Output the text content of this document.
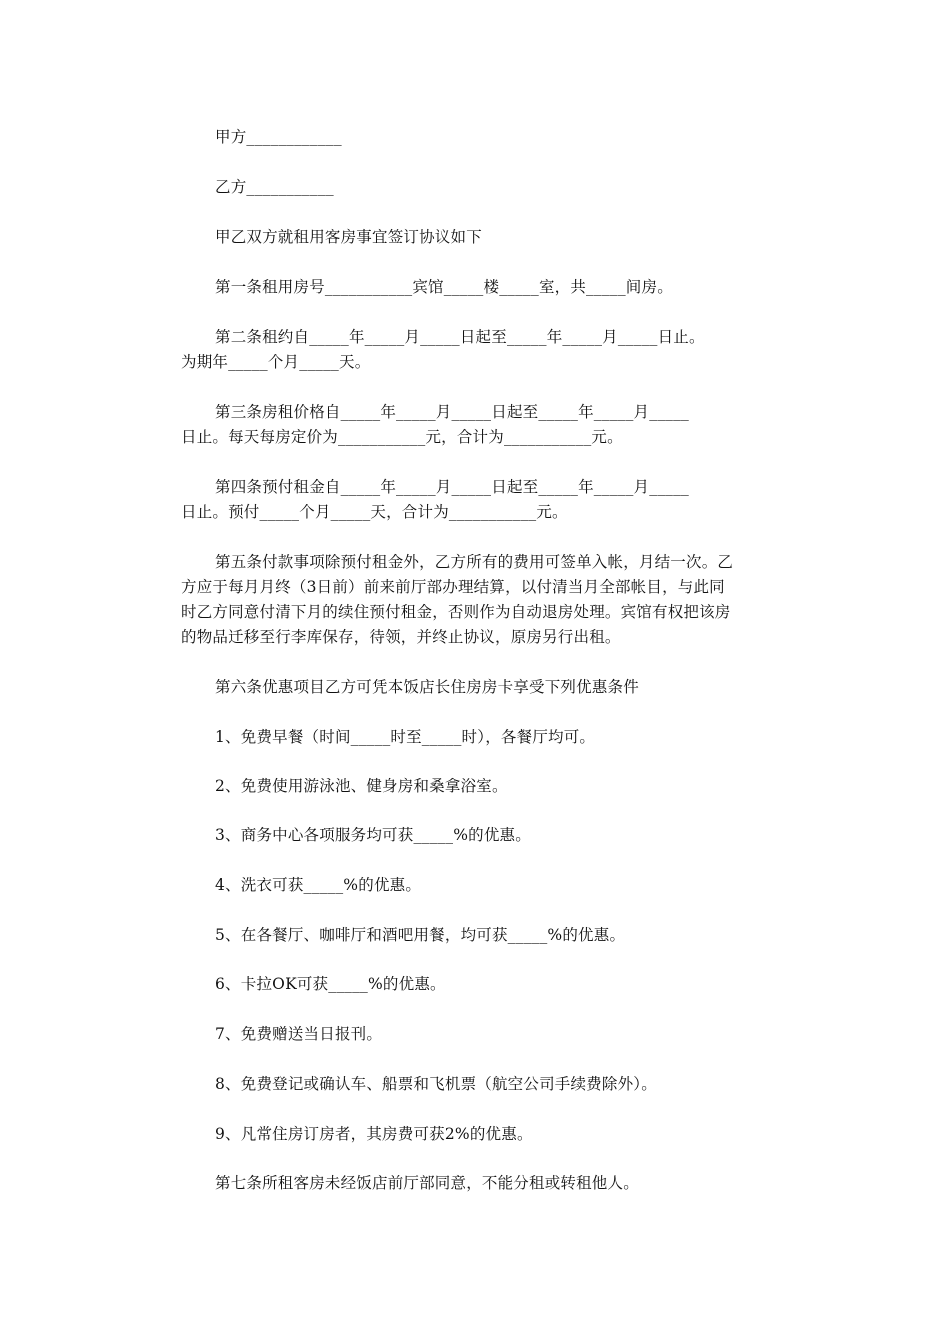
甲方____________
乙方___________
甲乙双方就租用客房事宜签订协议如下
第一条租用房号___________宾馆_____楼_____室，共_____间房。
第二条租约自_____年_____月_____日起至_____年_____月_____日止。
为期年_____个月_____天。
第三条房租价格自_____年_____月_____日起至_____年_____月_____
日止。每天每房定价为___________元，合计为___________元。
第四条预付租金自_____年_____月_____日起至_____年_____月_____
日止。预付_____个月_____天，合计为___________元。
第五条付款事项除预付租金外，乙方所有的费用可签单入帐，月结一次。乙
方应于每月月终（3日前）前来前厅部办理结算，以付清当月全部帐目，与此同
时乙方同意付清下月的续住预付租金，否则作为自动退房处理。宾馆有权把该房
的物品迁移至行李库保存，待领，并终止协议，原房另行出租。
第六条优惠项目乙方可凭本饭店长住房房卡享受下列优惠条件
1、免费早餐（时间_____时至_____时），各餐厅均可。
2、免费使用游泳池、健身房和桑拿浴室。
3、商务中心各项服务均可获_____%的优惠。
4、洗衣可获_____%的优惠。
5、在各餐厅、咖啡厅和酒吧用餐，均可获_____%的优惠。
6、卡拉OK可获_____%的优惠。
7、免费赠送当日报刊。
8、免费登记或确认车、船票和飞机票（航空公司手续费除外）。
9、凡常住房订房者，其房费可获2%的优惠。
第七条所租客房未经饭店前厅部同意，不能分租或转租他人。
